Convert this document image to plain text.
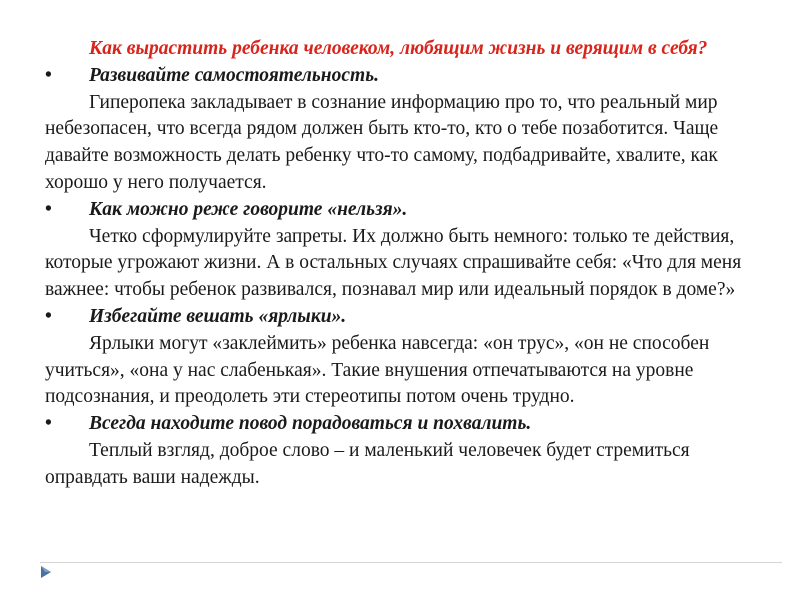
Как вырастить ребенка человеком, любящим жизнь и верящим в себя?

• Развивайте самостоятельность.

Гиперопека закладывает в сознание информацию про то, что реальный мир небезопасен, что всегда рядом должен быть кто-то, кто о тебе позаботится. Чаще давайте возможность делать ребенку что-то самому, подбадривайте, хвалите, как хорошо у него получается.

• Как можно реже говорите «нельзя».

Четко сформулируйте запреты. Их должно быть немного: только те действия, которые угрожают жизни. А в остальных случаях спрашивайте себя: «Что для меня важнее: чтобы ребенок развивался, познавал мир или идеальный порядок в доме?»

• Избегайте вешать «ярлыки».

Ярлыки могут «заклеймить» ребенка навсегда: «он трус», «он не способен учиться», «она у нас слабенькая». Такие внушения отпечатываются на уровне подсознания, и преодолеть эти стереотипы потом очень трудно.

• Всегда находите повод порадоваться и похвалить.

Теплый взгляд, доброе слово – и маленький человечек будет стремиться оправдать ваши надежды.
